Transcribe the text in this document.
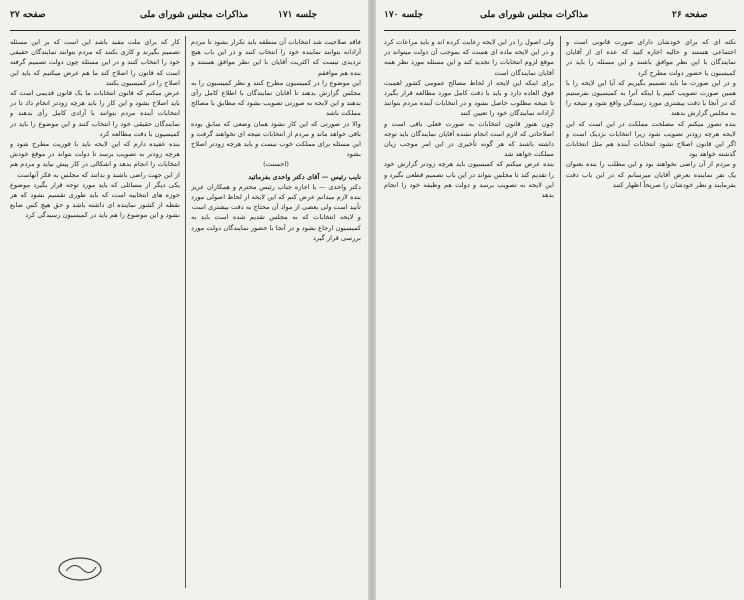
صفحه ۲۷	مذاکرات مجلس شورای ملی	جلسه ۱۷۱

کار که برای ملت مفید باشد این است که بر این مسئله تصمیم بگیرند و کاری بکنند که مردم بتوانند نمایندگان حقیقی خود را انتخاب کنند و در این مسئله چون دولت تصمیم گرفته است که قانون را اصلاح کند ما هم عرض میکنیم که باید این اصلاح را در کمیسیون بکنند

عرض میکنم که قانون انتخابات ما یک قانون قدیمی است که باید اصلاح بشود و این کار را باید هرچه زودتر انجام داد تا در انتخابات آینده مردم بتوانند با آزادی کامل رأی بدهند و نمایندگان حقیقی خود را انتخاب کنند و این موضوع را باید در کمیسیون با دقت مطالعه کرد

بنده عقیده دارم که این لایحه باید با فوریت مطرح شود و هرچه زودتر به تصویب برسد تا دولت بتواند در موقع خودش انتخابات را انجام بدهد و اشکالی در کار پیش نیاید و مردم هم از این جهت راضی باشند و بدانند که مجلس به فکر آنهاست

یکی دیگر از مسائلی که باید مورد توجه قرار بگیرد موضوع حوزه های انتخابیه است که باید طوری تقسیم بشود که هر نقطه از کشور نماینده ای داشته باشد و حق هیچ کس ضایع نشود و این موضوع را هم باید در کمیسیون رسیدگی کرد

فاقد صلاحیت شد انتخابات آن منطقه باید تکرار بشود تا مردم آزادانه بتوانند نماینده خود را انتخاب کنند و در این باب هیچ تردیدی نیست که اکثریت آقایان با این نظر موافق هستند و بنده هم موافقم

این موضوع را در کمیسیون مطرح کنند و نظر کمیسیون را به مجلس گزارش بدهند تا آقایان نمایندگان با اطلاع کامل رأی بدهند و این لایحه به صورتی تصویب بشود که مطابق با مصالح مملکت باشد

والا در صورتی که این کار نشود همان وضعی که سابق بوده باقی خواهد ماند و مردم از انتخابات نتیجه ای نخواهند گرفت و این مسئله برای مملکت خوب نیست و باید هرچه زودتر اصلاح بشود

(احسنت)

نایب رئیس — آقای دکتر واحدی بفرمائید

دکتر واحدی — با اجازه جناب رئیس محترم و همکاران عزیز بنده لازم میدانم عرض کنم که این لایحه از لحاظ اصولی مورد تأیید است ولی بعضی از مواد آن محتاج به دقت بیشتری است

و لایحه انتخابات که به مجلس تقدیم شده است باید به کمیسیون ارجاع بشود و در آنجا با حضور نمایندگان دولت مورد بررسی قرار گیرد

جلسه ۱۷۰	مذاکرات مجلس شورای ملی	صفحه ۲۶

ولی اصول را در این لایحه رعایت کرده اند و باید مراعات کرد و در این لایحه ماده ای هست که بموجب آن دولت میتواند در موقع لزوم انتخابات را تجدید کند و این مسئله مورد نظر همه آقایان نمایندگان است

برای اینکه این لایحه از لحاظ مصالح عمومی کشور اهمیت فوق العاده دارد و باید با دقت کامل مورد مطالعه قرار بگیرد تا نتیجه مطلوب حاصل بشود و در انتخابات آینده مردم بتوانند آزادانه نمایندگان خود را تعیین کنند

چون هنوز قانون انتخابات به صورت فعلی باقی است و اصلاحاتی که لازم است انجام نشده آقایان نمایندگان باید توجه داشته باشند که هر گونه تأخیری در این امر موجب زیان مملکت خواهد شد

بنده عرض میکنم که کمیسیون باید هرچه زودتر گزارش خود را تقدیم کند تا مجلس بتواند در این باب تصمیم قطعی بگیرد و این لایحه به تصویب برسد و دولت هم وظیفه خود را انجام بدهد

نکته ای که برای خودشان دارای صورت قانونی است و اجتماعی هستند و حالیه اجازه کنید که عده ای از آقایان نمایندگان با این نظر موافق باشند و این مسئله را باید در کمیسیون با حضور دولت مطرح کرد

و در این صورت ما باید تصمیم بگیریم که آیا این لایحه را با همین صورت تصویب کنیم یا اینکه آنرا به کمیسیون بفرستیم که در آنجا با دقت بیشتری مورد رسیدگی واقع شود و نتیجه را به مجلس گزارش بدهند

بنده تصور میکنم که مصلحت مملکت در این است که این لایحه هرچه زودتر تصویب شود زیرا انتخابات نزدیک است و اگر این قانون اصلاح نشود انتخابات آینده هم مثل انتخابات گذشته خواهد بود

و مردم از آن راضی نخواهند بود و این مطلب را بنده بعنوان یک نفر نماینده بعرض آقایان میرسانم که در این باب دقت بفرمایند و نظر خودشان را صریحاً اظهار کنند
